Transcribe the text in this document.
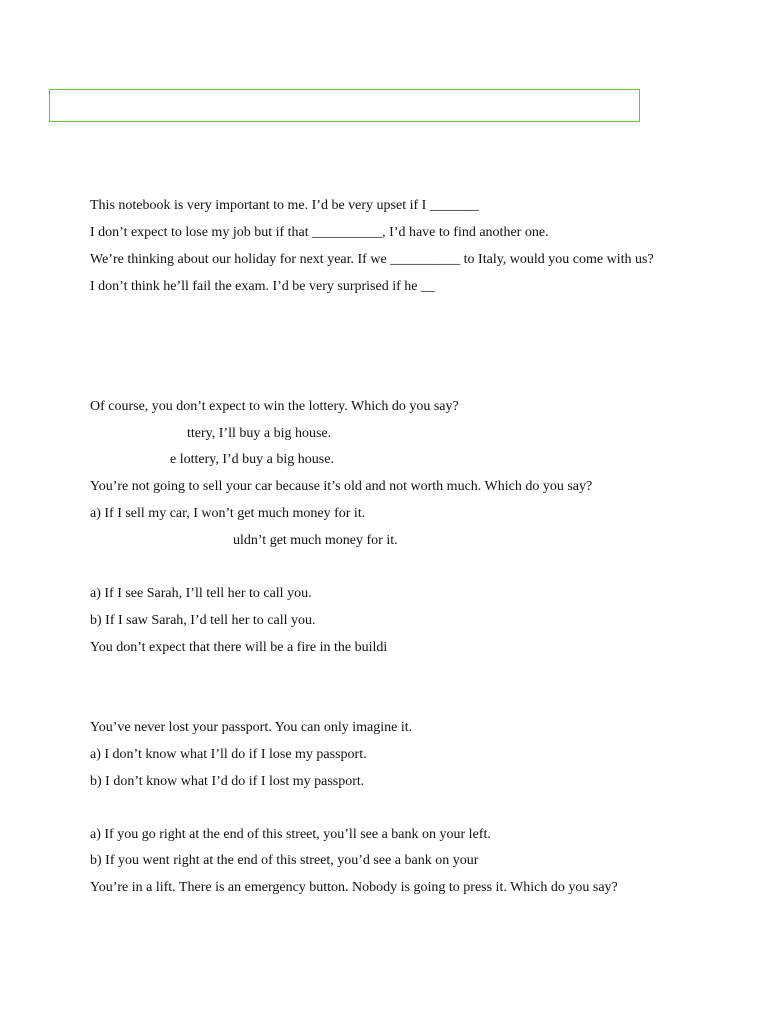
This notebook is very important to me. I’d be very upset if I _______
I don’t expect to lose my job but if that __________, I’d have to find another one.
We’re thinking about our holiday for next year. If we __________ to Italy, would you come with us?
I don’t think he’ll fail the exam. I’d be very surprised if he __
Of course, you don’t expect to win the lottery. Which do you say?
ttery, I’ll buy a big house.
e lottery, I’d buy a big house.
You’re not going to sell your car because it’s old and not worth much. Which do you say?
a) If I sell my car, I won’t get much money for it.
uldn’t get much money for it.
a) If I see Sarah, I’ll tell her to call you.
b) If I saw Sarah, I’d tell her to call you.
You don’t expect that there will be a fire in the buildi
You’ve never lost your passport. You can only imagine it.
a) I don’t know what I’ll do if I lose my passport.
b) I don’t know what I’d do if I lost my passport.
a) If you go right at the end of this street, you’ll see a bank on your left.
b) If you went right at the end of this street, you’d see a bank on your
You’re in a lift. There is an emergency button. Nobody is going to press it. Which do you say?
